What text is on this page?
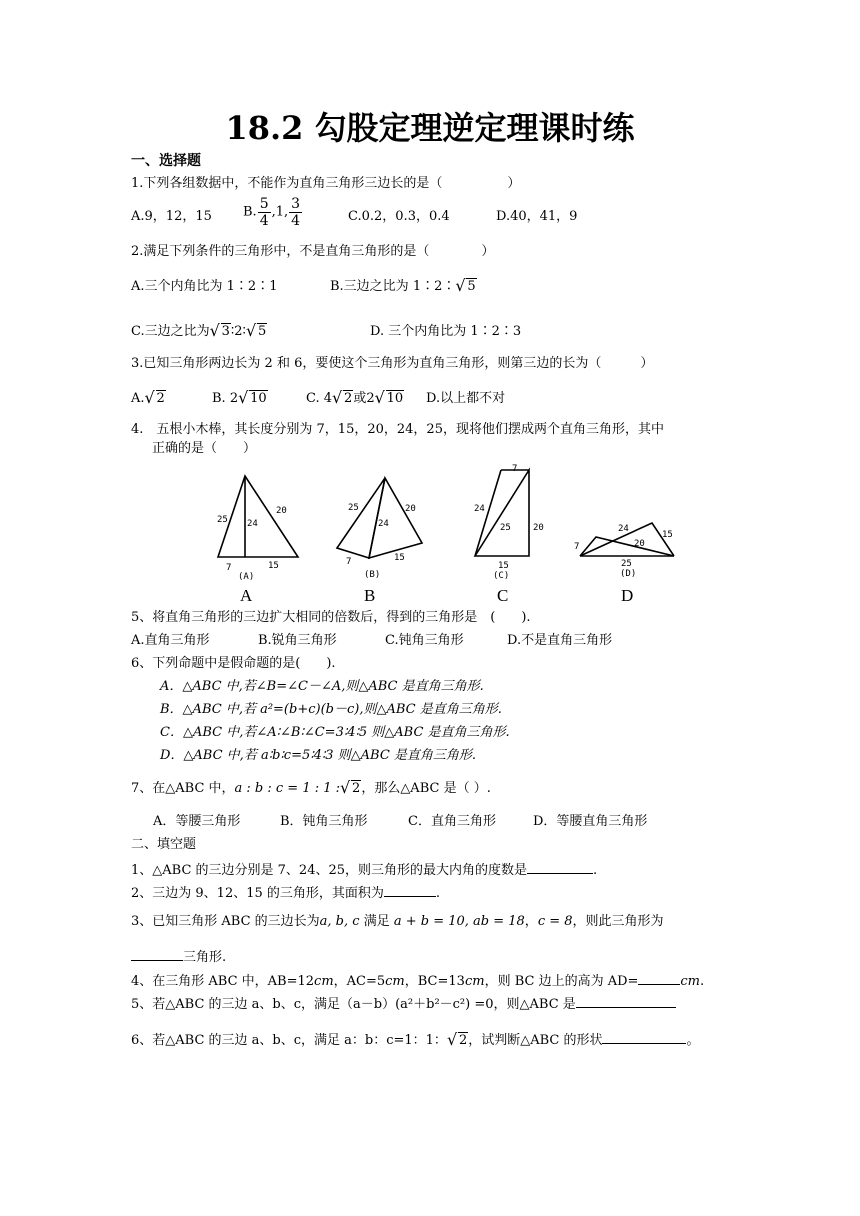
18.2 勾股定理逆定理课时练
一、选择题
1.下列各组数据中，不能作为直角三角形三边长的是（　　　　　）
A.9，12，15 B. $\frac{5}{4} ,1$, $\frac{3}{4}$	C.0.2，0.3，0.4	D.40，41，9
2.满足下列条件的三角形中，不是直角三角形的是（　　　　）
A.三个内角比为 1∶2∶1	B.三边之比为 1∶2∶ √ 5
C.三边之比为 √ 3∶2∶ √ 5	D. 三个内角比为 1∶2∶3
3.已知三角形两边长为 2 和 6，要使这个三角形为直角三角形，则第三边的长为（　　　）
A. √ 2	B. 2 √ 10	C. 4 √ 2或2 √ 10 D.以上都不对
4.　五根小木棒，其长度分别为 7，15，20，24，25，现将他们摆成两个直角三角形，其中
正确的是（　　）
25 24
20
7	15
(A)
25
24
20
7	15
(B)
7
24
25 20
15
(C)
24
15
7	20
25
(D)
A	B	C	D
5、将直角三角形的三边扩大相同的倍数后，得到的三角形是　(　　).
A.直角三角形	B.锐角三角形	C.钝角三角形	D.不是直角三角形
6、下列命题中是假命题的是(　　).
A．△ABC 中,若∠B=∠C－∠A,则△ABC 是直角三角形.
B．△ABC 中,若 a²=(b+c)(b－c),则△ABC 是直角三角形.
C．△ABC 中,若∠A∶∠B∶∠C=3∶4∶5 则△ABC 是直角三角形.
D．△ABC 中,若 a∶b∶c=5∶4∶3 则△ABC 是直角三角形.
7、在△ABC 中，a : b : c = 1 : 1 : √ 2，那么△ABC 是（ ）.
A．等腰三角形	B．钝角三角形	C．直角三角形	D．等腰直角三角形
二、填空题
1、△ABC 的三边分别是 7、24、25，则三角形的最大内角的度数是	.
2、三边为 9、12、15 的三角形，其面积为	.
3、已知三角形 ABC 的三边长为a, b, c 满足 a + b = 10, ab = 18，c = 8，则此三角形为
三角形.
4、在三角形 ABC 中，AB=12cm，AC=5cm，BC=13cm，则 BC 边上的高为 AD=	cm.
5、若△ABC 的三边 a、b、c，满足（a－b）(a²＋b²－c²) =0，则△ABC 是
6、若△ABC 的三边 a、b、c，满足 a：b：c=1：1： √ 2，试判断△ABC 的形状	。
